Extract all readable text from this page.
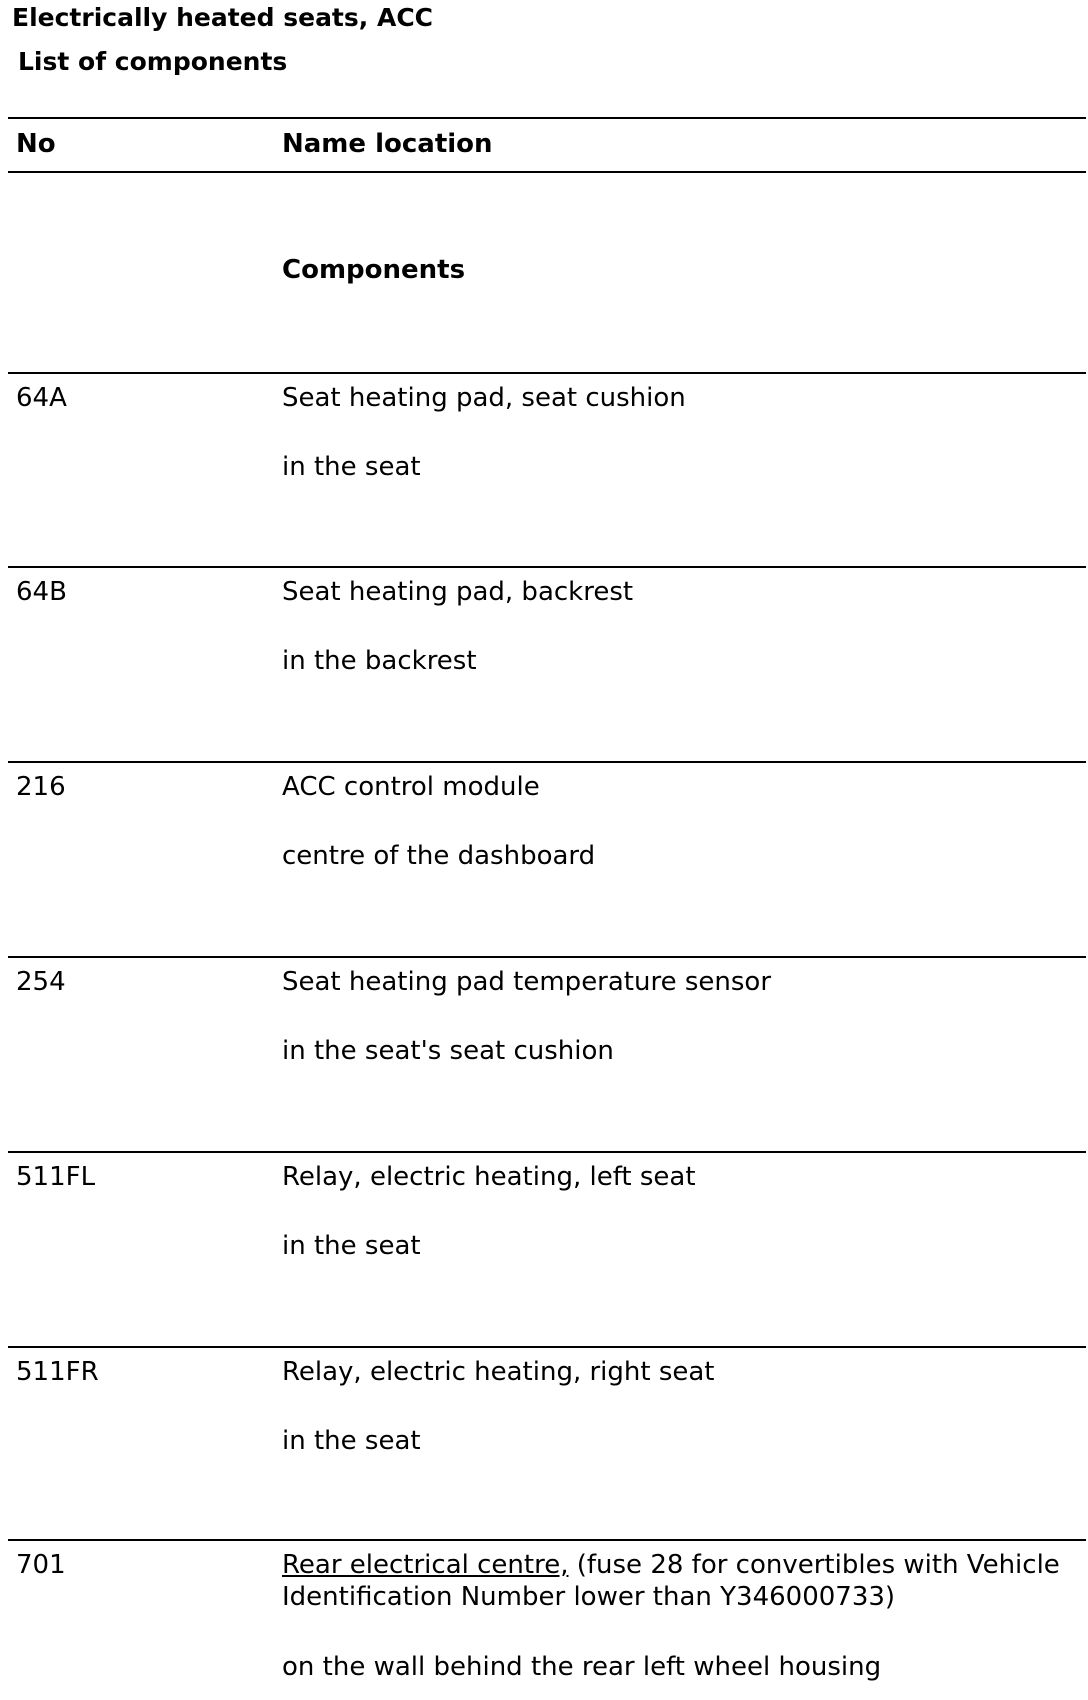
Electrically heated seats, ACC
List of components
No	Name location
Components
64A	Seat heating pad, seat cushion
in the seat
64B	Seat heating pad, backrest
in the backrest
216	ACC control module
centre of the dashboard
254	Seat heating pad temperature sensor
in the seat's seat cushion
511FL	Relay, electric heating, left seat
in the seat
511FR	Relay, electric heating, right seat
in the seat
701	Rear electrical centre, (fuse 28 for convertibles with Vehicle Identification Number lower than Y346000733)
on the wall behind the rear left wheel housing
